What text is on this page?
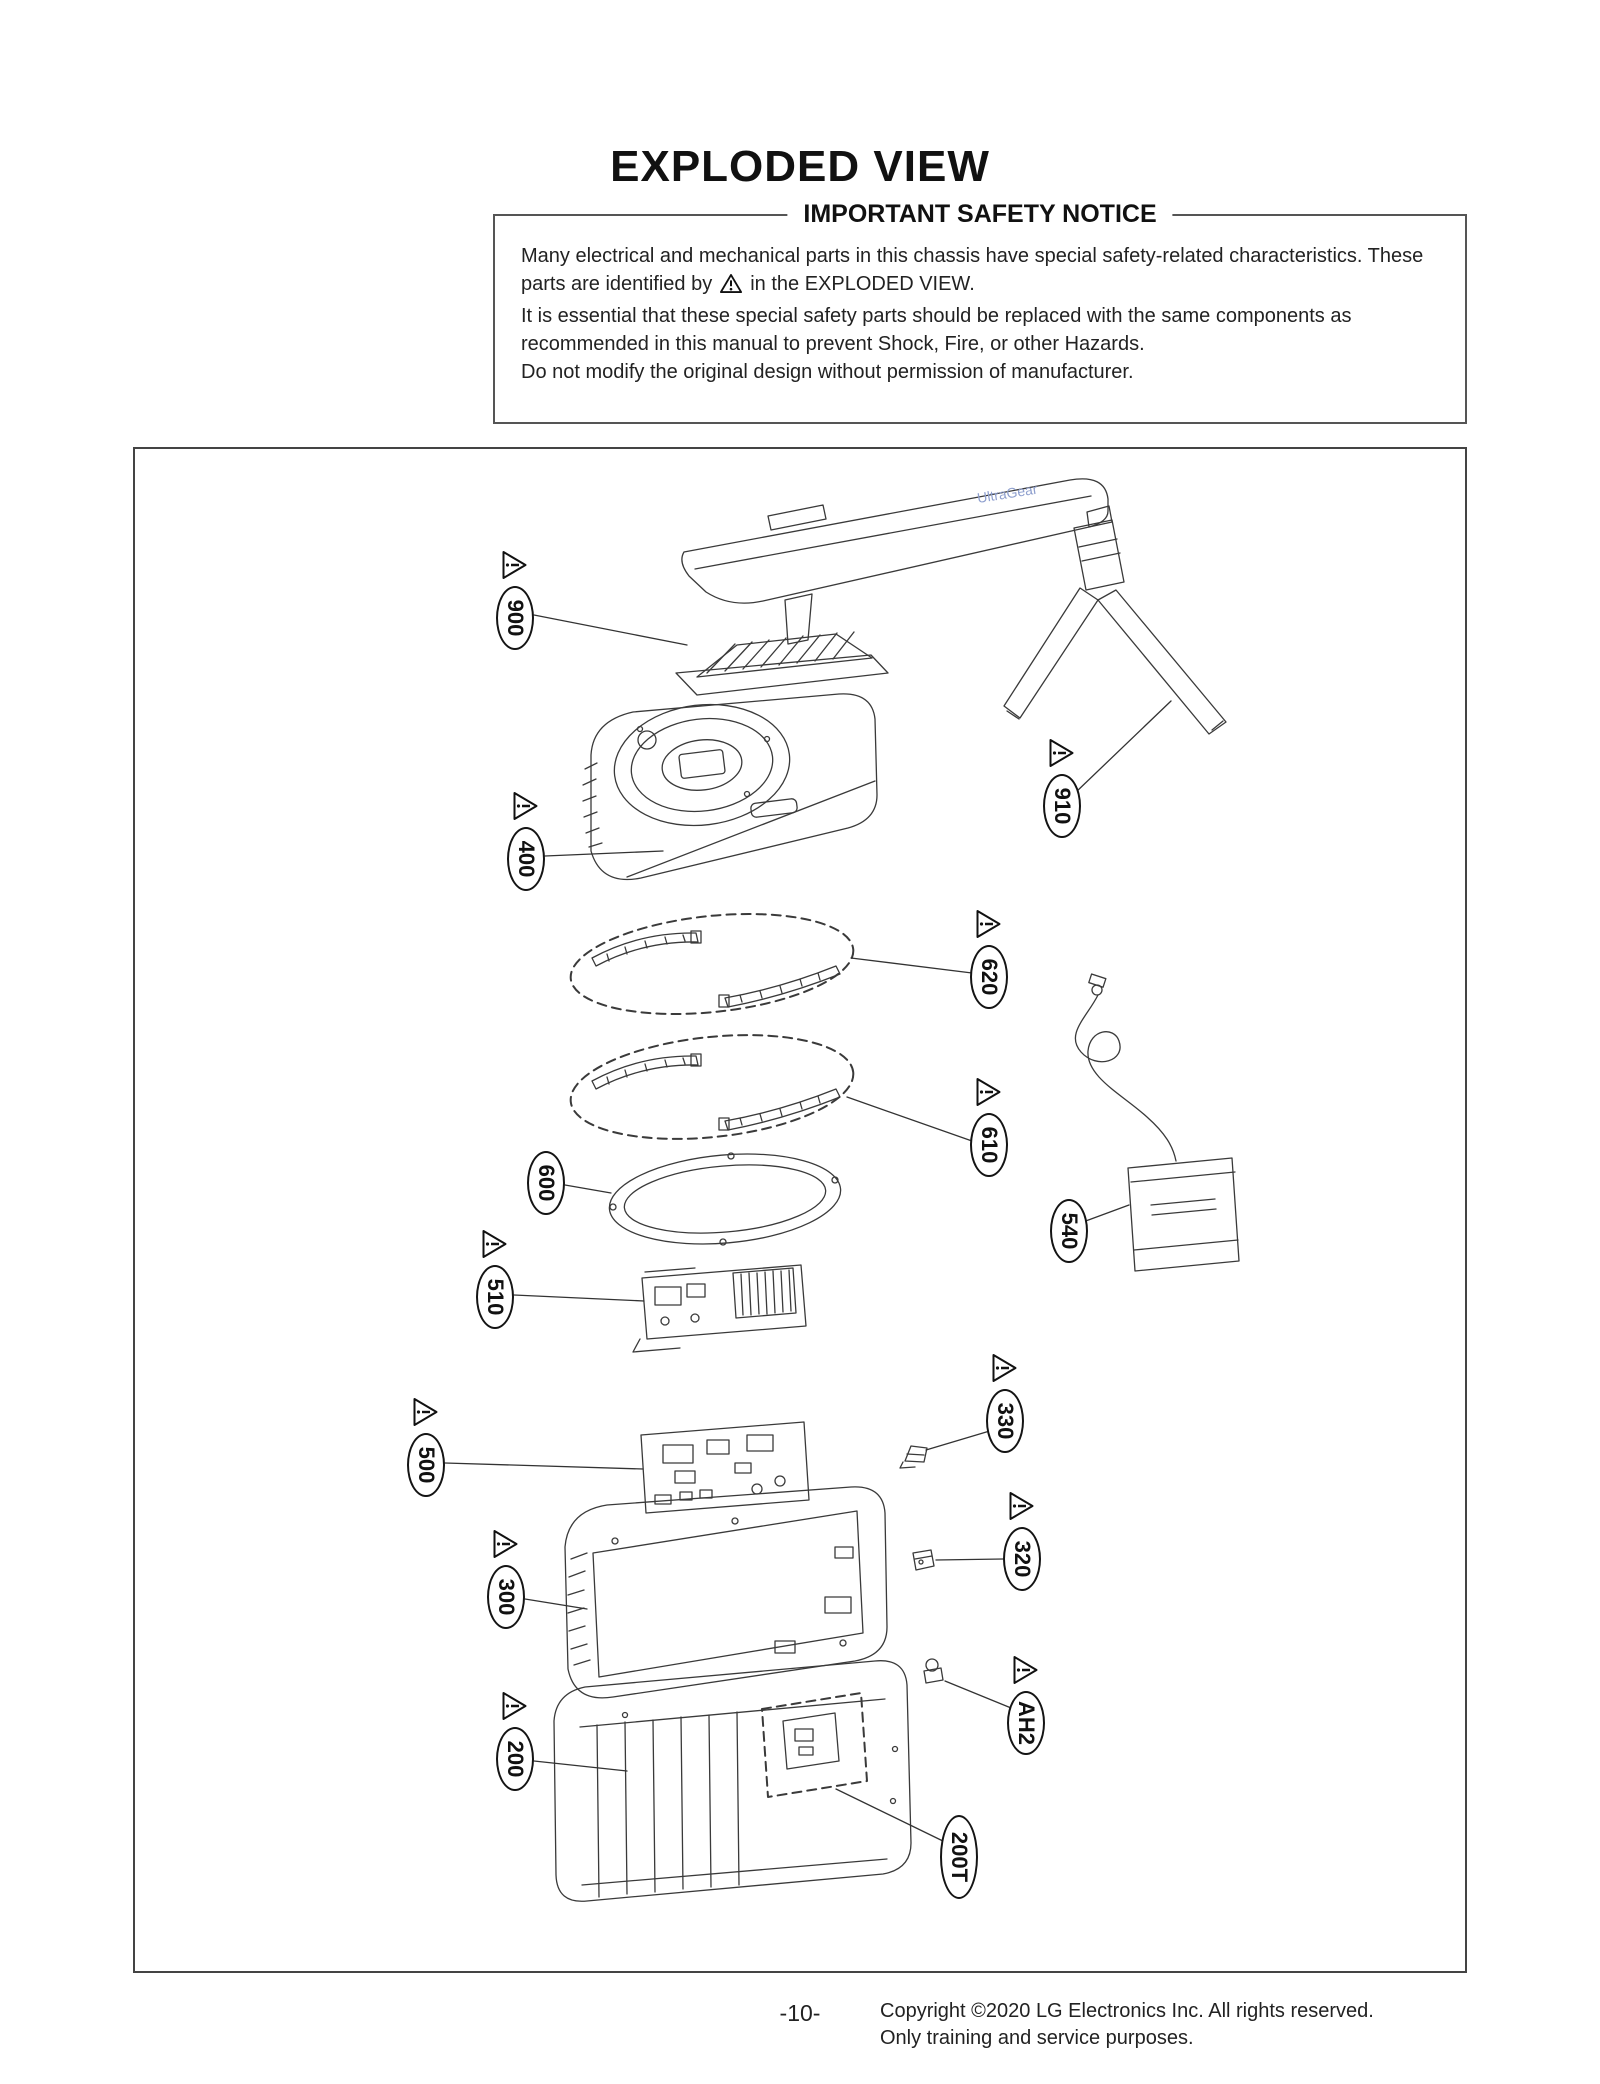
EXPLODED VIEW
IMPORTANT SAFETY NOTICE

Many electrical and mechanical parts in this chassis have special safety-related characteristics. These parts are identified by in the EXPLODED VIEW.

It is essential that these special safety parts should be replaced with the same components as recommended in this manual to prevent Shock, Fire, or other Hazards.

Do not modify the original design without permission of manufacturer.

UltraGear
900
910
400
620
610
600
540
510
500
330
300
320
AH2
200
200T
-10-	Copyright ©2020 LG Electronics Inc. All rights reserved.
Only training and service purposes.
